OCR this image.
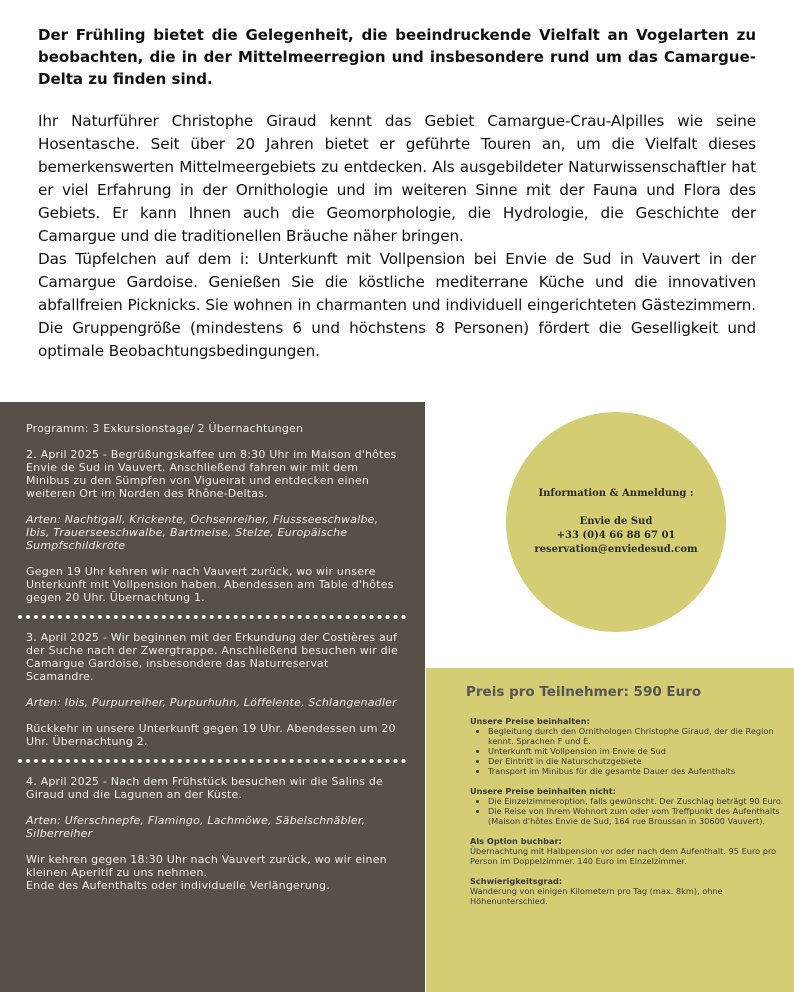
Der Frühling bietet die Gelegenheit, die beeindruckende Vielfalt an Vogelarten zu beobachten, die in der Mittelmeerregion und insbesondere rund um das Camargue-Delta zu finden sind.

Ihr Naturführer Christophe Giraud kennt das Gebiet Camargue-Crau-Alpilles wie seine Hosentasche. Seit über 20 Jahren bietet er geführte Touren an, um die Vielfalt dieses bemerkenswerten Mittelmeergebiets zu entdecken. Als ausgebildeter Naturwissenschaftler hat er viel Erfahrung in der Ornithologie und im weiteren Sinne mit der Fauna und Flora des Gebiets. Er kann Ihnen auch die Geomorphologie, die Hydrologie, die Geschichte der Camargue und die traditionellen Bräuche näher bringen.

Das Tüpfelchen auf dem i: Unterkunft mit Vollpension bei Envie de Sud in Vauvert in der Camargue Gardoise. Genießen Sie die köstliche mediterrane Küche und die innovativen abfallfreien Picknicks. Sie wohnen in charmanten und individuell eingerichteten Gästezimmern. Die Gruppengröße (mindestens 6 und höchstens 8 Personen) fördert die Geselligkeit und optimale Beobachtungsbedingungen.

Programm: 3 Exkursionstage/ 2 Übernachtungen

2. April 2025 - Begrüßungskaffee um 8:30 Uhr im Maison d'hôtes Envie de Sud in Vauvert. Anschließend fahren wir mit dem Minibus zu den Sümpfen von Vigueirat und entdecken einen weiteren Ort im Norden des Rhône-Deltas.

Arten: Nachtigall, Krickente, Ochsenreiher, Flussseeschwalbe, Ibis, Trauerseeschwalbe, Bartmeise, Stelze, Europäische Sumpfschildkröte

Gegen 19 Uhr kehren wir nach Vauvert zurück, wo wir unsere Unterkunft mit Vollpension haben. Abendessen am Table d'hôtes gegen 20 Uhr. Übernachtung 1.

3. April 2025 - Wir beginnen mit der Erkundung der Costières auf der Suche nach der Zwergtrappe. Anschließend besuchen wir die Camargue Gardoise, insbesondere das Naturreservat Scamandre.

Arten: Ibis, Purpurreiher, Purpurhuhn, Löffelente, Schlangenadler

Rückkehr in unsere Unterkunft gegen 19 Uhr. Abendessen um 20 Uhr. Übernachtung 2.

4. April 2025 - Nach dem Frühstück besuchen wir die Salins de Giraud und die Lagunen an der Küste.

Arten: Uferschnepfe, Flamingo, Lachmöwe, Säbelschnäbler, Silberreiher

Wir kehren gegen 18:30 Uhr nach Vauvert zurück, wo wir einen kleinen Aperitif zu uns nehmen.

Ende des Aufenthalts oder individuelle Verlängerung.

Information & Anmeldung :
Envie de Sud
+33 (0)4 66 88 67 01
reservation@enviedesud.com
Preis pro Teilnehmer: 590 Euro
Unsere Preise beinhalten:
• Begleitung durch den Ornithologen Christophe Giraud, der die Region kennt. Sprachen F und E.
• Unterkunft mit Vollpension im Envie de Sud
• Der Eintritt in die Naturschutzgebiete
• Transport im Minibus für die gesamte Dauer des Aufenthalts
Unsere Preise beinhalten nicht:
• Die Einzelzimmeroption, falls gewünscht. Der Zuschlag beträgt 90 Euro.
• Die Reise von Ihrem Wohnort zum oder vom Treffpunkt des Aufenthalts (Maison d'hôtes Envie de Sud, 164 rue Broussan in 30600 Vauvert).
Als Option buchbar:

Übernachtung mit Halbpension vor oder nach dem Aufenthalt. 95 Euro pro Person im Doppelzimmer. 140 Euro im Einzelzimmer.

Schwierigkeitsgrad:

Wanderung von einigen Kilometern pro Tag (max. 8km), ohne Höhenunterschied.
